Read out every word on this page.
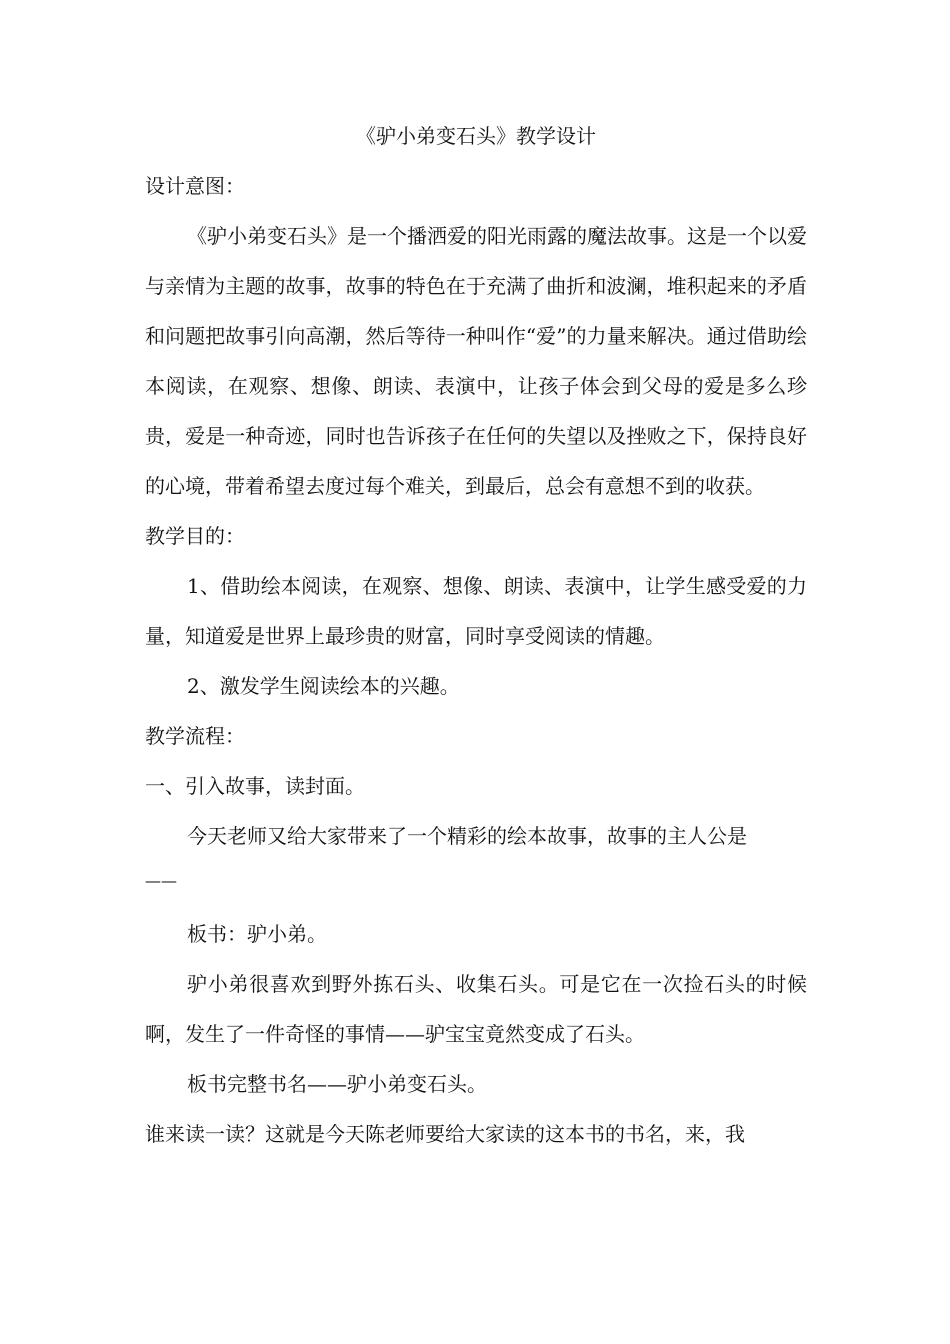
《驴小弟变石头》教学设计

设计意图：

《驴小弟变石头》是一个播洒爱的阳光雨露的魔法故事。这是一个以爱与亲情为主题的故事，故事的特色在于充满了曲折和波澜，堆积起来的矛盾和问题把故事引向高潮，然后等待一种叫作“爱”的力量来解决。通过借助绘本阅读，在观察、想像、朗读、表演中，让孩子体会到父母的爱是多么珍贵，爱是一种奇迹，同时也告诉孩子在任何的失望以及挫败之下，保持良好的心境，带着希望去度过每个难关，到最后，总会有意想不到的收获。

教学目的：

1、借助绘本阅读，在观察、想像、朗读、表演中，让学生感受爱的力量，知道爱是世界上最珍贵的财富，同时享受阅读的情趣。

2、激发学生阅读绘本的兴趣。

教学流程：

一、引入故事，读封面。

今天老师又给大家带来了一个精彩的绘本故事，故事的主人公是

——

板书：驴小弟。

驴小弟很喜欢到野外拣石头、收集石头。可是它在一次捡石头的时候啊，发生了一件奇怪的事情——驴宝宝竟然变成了石头。

板书完整书名——驴小弟变石头。

谁来读一读？这就是今天陈老师要给大家读的这本书的书名，来，我
